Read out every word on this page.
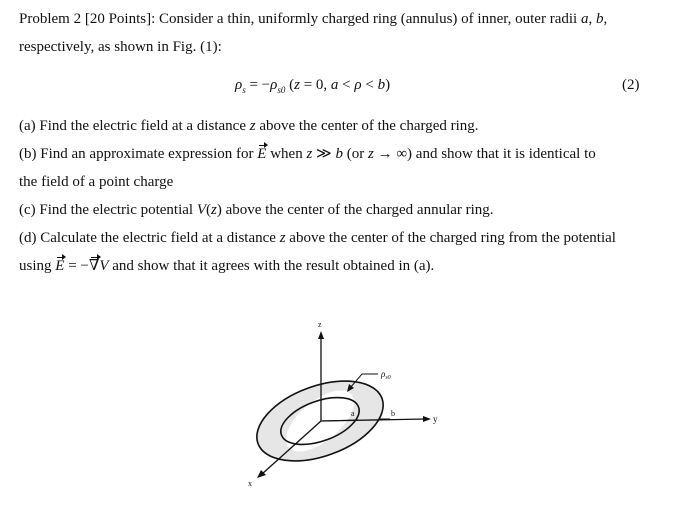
Problem 2 [20 Points]: Consider a thin, uniformly charged ring (annulus) of inner, outer radii a, b,
respectively, as shown in Fig. (1):
$\rho_s = -\rho_{s0}$ (z = 0, a < ρ < b)	(2)
(a) Find the electric field at a distance z above the center of the charged ring.
(b) Find an approximate expression for E when z ≫ b (or z → ∞) and show that it is identical to
the field of a point charge
(c) Find the electric potential V(z) above the center of the charged annular ring.
(d) Calculate the electric field at a distance z above the center of the charged ring from the potential
using E = −∇V and show that it agrees with the result obtained in (a).
z
y
x
a	b
$\rho_{s0}$
